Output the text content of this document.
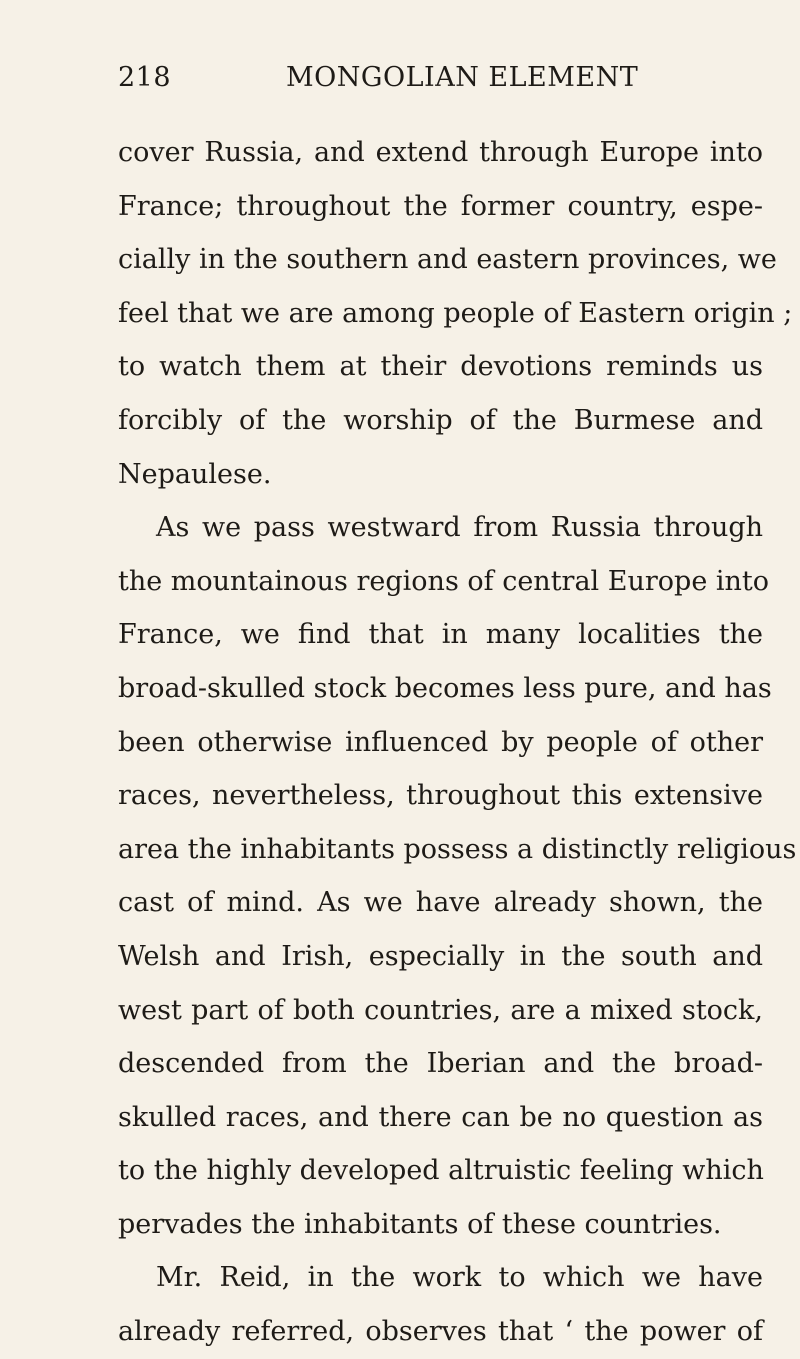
218	MONGOLIAN ELEMENT
cover Russia, and extend through Europe into
France; throughout the former country, espe-
cially in the southern and eastern provinces, we
feel that we are among people of Eastern origin ;
to watch them at their devotions reminds us
forcibly of the worship of the Burmese and
Nepaulese.
As we pass westward from Russia through
the mountainous regions of central Europe into
France, we find that in many localities the
broad-skulled stock becomes less pure, and has
been otherwise influenced by people of other
races, nevertheless, throughout this extensive
area the inhabitants possess a distinctly religious
cast of mind. As we have already shown, the
Welsh and Irish, especially in the south and
west part of both countries, are a mixed stock,
descended from the Iberian and the broad-
skulled races, and there can be no question as
to the highly developed altruistic feeling which
pervades the inhabitants of these countries.
Mr. Reid, in the work to which we have
already referred, observes that ‘ the power of
